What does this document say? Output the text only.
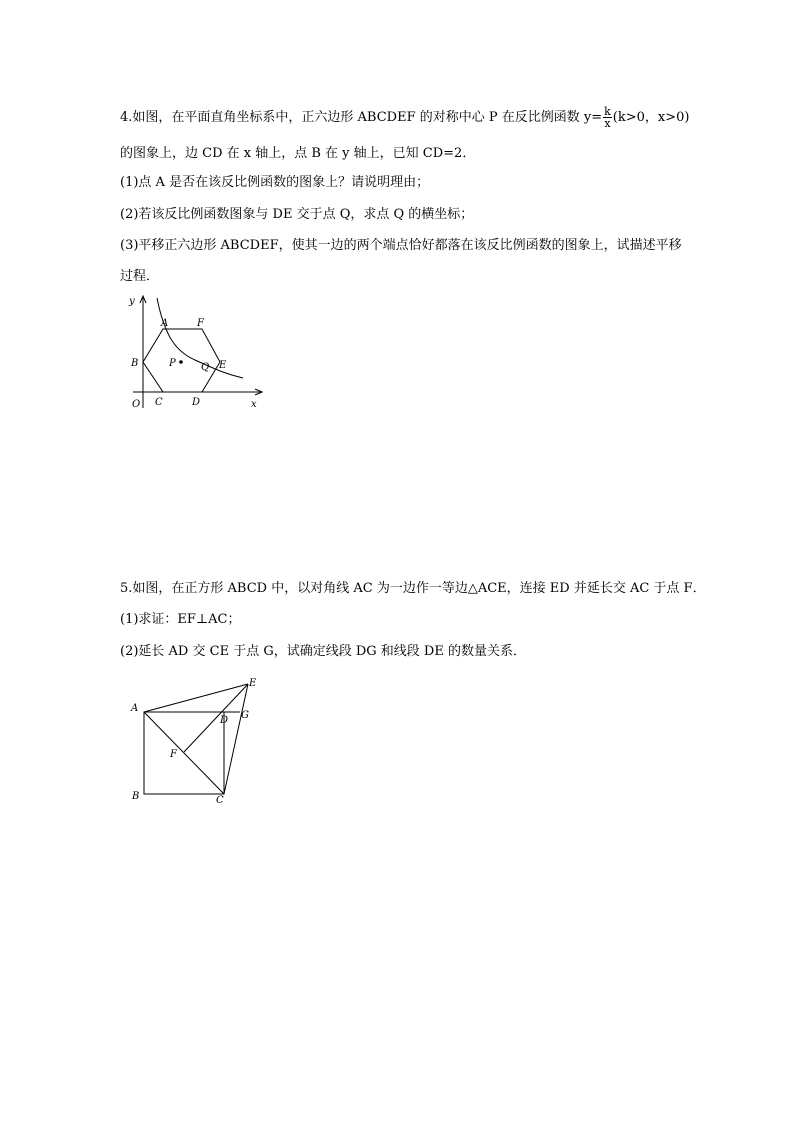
4.如图，在平面直角坐标系中，正六边形 ABCDEF 的对称中心 P 在反比例函数 $y= \frac{k}{x} (k>0$，x>0)
的图象上，边 CD 在 x 轴上，点 B 在 y 轴上，已知 CD=2．
(1)点 A 是否在该反比例函数的图象上？请说明理由；
(2)若该反比例函数图象与 DE 交于点 Q，求点 Q 的横坐标；
(3)平移正六边形 ABCDEF，使其一边的两个端点恰好都落在该反比例函数的图象上，试描述平移
过程．
y
x
O
A	F
B	E
P	Q
C	D
5.如图，在正方形 ABCD 中，以对角线 AC 为一边作一等边△ACE，连接 ED 并延长交 AC 于点 F．
(1)求证：EF⊥AC；
(2)延长 AD 交 CE 于点 G，试确定线段 DG 和线段 DE 的数量关系．
A
E
D G
F
B	C
